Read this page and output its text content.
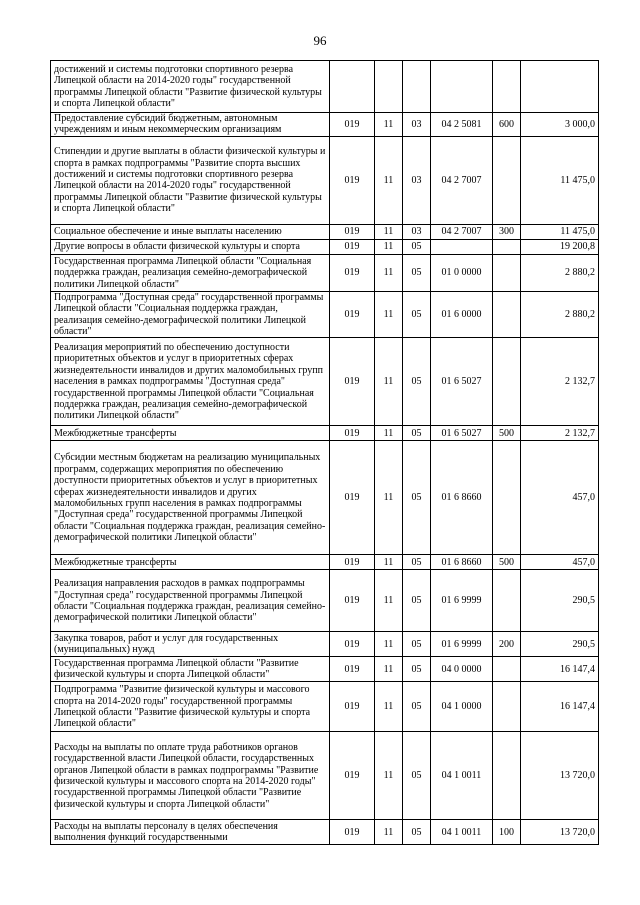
96
достижений и системы подготовки спортивного резерва Липецкой области на 2014-2020 годы" государственной программы Липецкой области "Развитие физической культуры и спорта Липецкой области"						
Предоставление субсидий бюджетным, автономным учреждениям и иным некоммерческим организациям	019	11	03	04 2 5081	600	3 000,0
Стипендии и другие выплаты в области физической культуры и спорта в рамках подпрограммы "Развитие спорта высших достижений и системы подготовки спортивного резерва Липецкой области на 2014-2020 годы" государственной программы Липецкой области "Развитие физической культуры и спорта Липецкой области"	019	11	03	04 2 7007		11 475,0
Социальное обеспечение и иные выплаты населению	019	11	03	04 2 7007	300	11 475,0
Другие вопросы в области физической культуры и спорта	019	11	05			19 200,8
Государственная программа Липецкой области "Социальная поддержка граждан, реализация семейно-демографической политики Липецкой области"	019	11	05	01 0 0000		2 880,2
Подпрограмма "Доступная среда" государственной программы Липецкой области "Социальная поддержка граждан, реализация семейно-демографической политики Липецкой области"	019	11	05	01 6 0000		2 880,2
Реализация мероприятий по обеспечению доступности приоритетных объектов и услуг в приоритетных сферах жизнедеятельности инвалидов и других маломобильных групп населения в рамках подпрограммы "Доступная среда" государственной программы Липецкой области "Социальная поддержка граждан, реализация семейно-демографической политики Липецкой области"	019	11	05	01 6 5027		2 132,7
Межбюджетные трансферты	019	11	05	01 6 5027	500	2 132,7
Субсидии местным бюджетам на реализацию муниципальных программ, содержащих мероприятия по обеспечению доступности приоритетных объектов и услуг в приоритетных сферах жизнедеятельности инвалидов и других маломобильных групп населения в рамках подпрограммы "Доступная среда" государственной программы Липецкой области "Социальная поддержка граждан, реализация семейно-демографической политики Липецкой области"	019	11	05	01 6 8660		457,0
Межбюджетные трансферты	019	11	05	01 6 8660	500	457,0
Реализация направления расходов в рамках подпрограммы "Доступная среда" государственной программы Липецкой области "Социальная поддержка граждан, реализация семейно-демографической политики Липецкой области"	019	11	05	01 6 9999		290,5
Закупка товаров, работ и услуг для государственных (муниципальных) нужд	019	11	05	01 6 9999	200	290,5
Государственная программа Липецкой области "Развитие физической культуры и спорта Липецкой области"	019	11	05	04 0 0000		16 147,4
Подпрограмма "Развитие физической культуры и массового спорта на 2014-2020 годы" государственной программы Липецкой области "Развитие физической культуры и спорта Липецкой области"	019	11	05	04 1 0000		16 147,4
Расходы на выплаты по оплате труда работников органов государственной власти Липецкой области, государственных органов Липецкой области в рамках подпрограммы "Развитие физической культуры и массового спорта на 2014-2020 годы" государственной программы Липецкой области "Развитие физической культуры и спорта Липецкой области"	019	11	05	04 1 0011		13 720,0
Расходы на выплаты персоналу в целях обеспечения выполнения функций государственными	019	11	05	04 1 0011	100	13 720,0
